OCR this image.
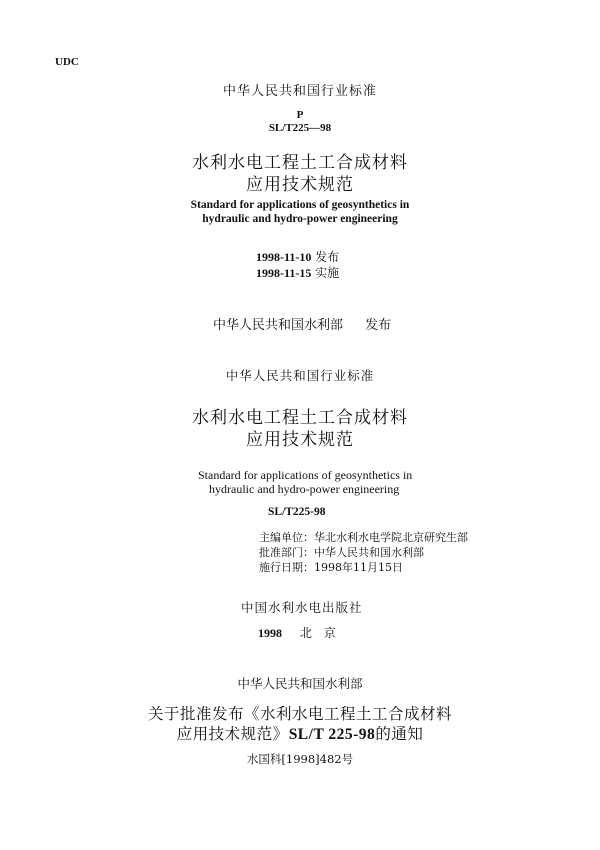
UDC
中华人民共和国行业标准
P
SL/T225—98
水利水电工程土工合成材料
应用技术规范
Standard for applications of geosynthetics in
hydraulic and hydro-power engineering
1998-11-10 发布
1998-11-15 实施
中华人民共和国水利部 发布
中华人民共和国行业标准
水利水电工程土工合成材料
应用技术规范
Standard for applications of geosynthetics in
hydraulic and hydro-power engineering
SL/T225-98
主编单位：华北水利水电学院北京研究生部
批准部门：中华人民共和国水利部
施行日期：1998年11月15日
中国水利水电出版社
1998 北　京
中华人民共和国水利部
关于批准发布《水利水电工程土工合成材料
应用技术规范》SL/T 225-98的通知
水国科[1998]482号
